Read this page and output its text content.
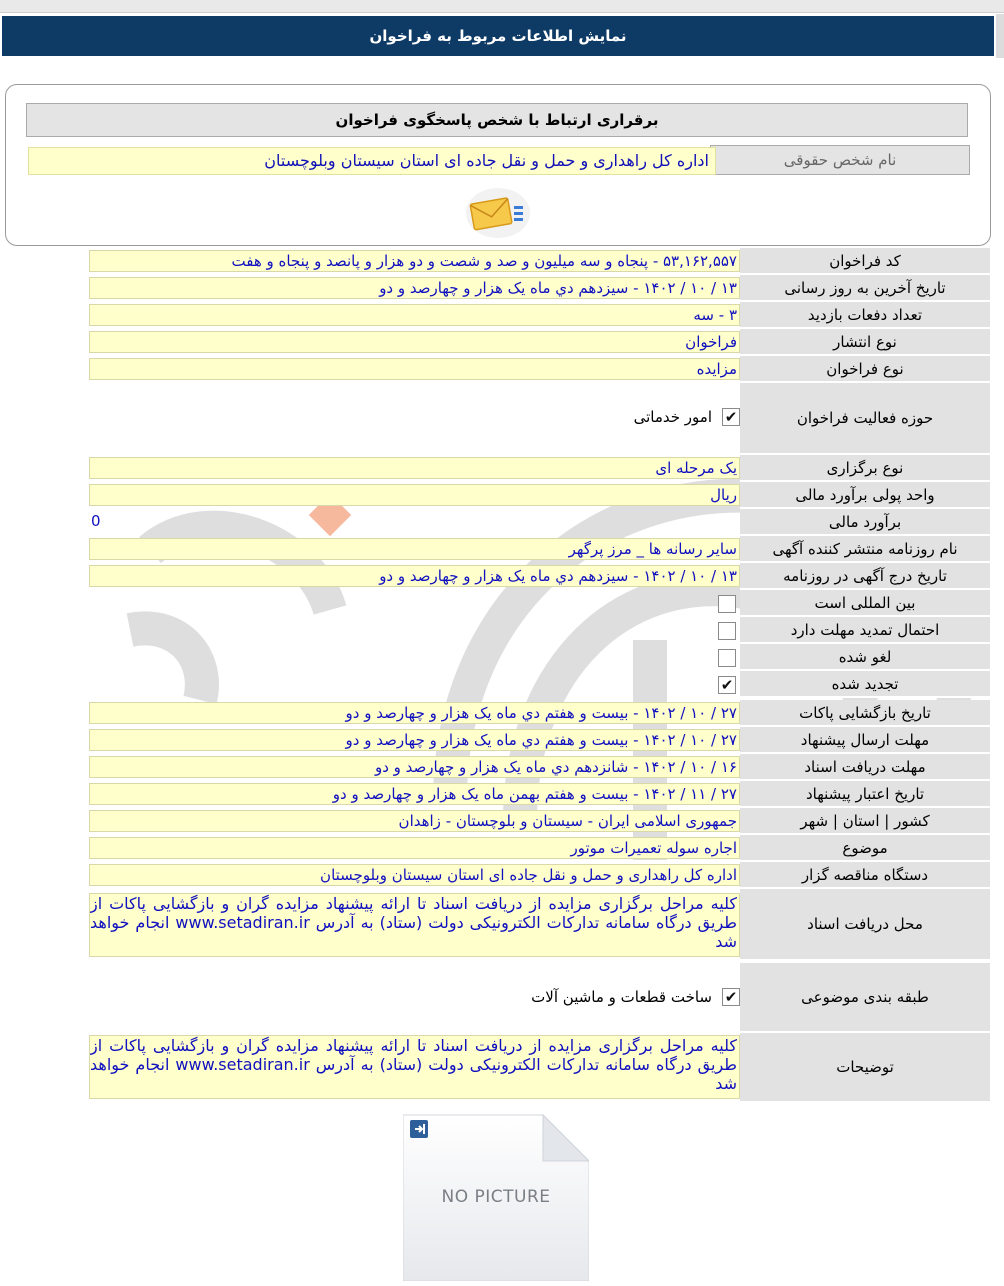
نمایش اطلاعات مربوط به فراخوان
برقراری ارتباط با شخص پاسخگوی فراخوان
نام شخص حقوقی
اداره کل راهداری و حمل و نقل جاده ای استان سیستان وبلوچستان
کد فراخوان
۵۳,۱۶۲,۵۵۷ - پنجاه و سه میلیون و صد و شصت و دو هزار و پانصد و پنجاه و هفت
تاریخ آخرین به روز رسانی
۱۳ / ۱۰ / ۱۴۰۲ - سیزدهم دي ماه یک هزار و چهارصد و دو
تعداد دفعات بازدید
۳ - سه
نوع انتشار
فراخوان
نوع فراخوان
مزایده
حوزه فعالیت فراخوان
✔
امور خدماتی
نوع برگزاری
یک مرحله ای
واحد پولی برآورد مالی
ریال
برآورد مالی
0
نام روزنامه منتشر کننده آگهی
سایر رسانه ها _ مرز پرگهر
تاریخ درج آگهی در روزنامه
۱۳ / ۱۰ / ۱۴۰۲ - سیزدهم دي ماه یک هزار و چهارصد و دو
بین المللی است
احتمال تمدید مهلت دارد
لغو شده
تجدید شده
✔
تاریخ بازگشایی پاکات
۲۷ / ۱۰ / ۱۴۰۲ - بیست و هفتم دي ماه یک هزار و چهارصد و دو
مهلت ارسال پیشنهاد
۲۷ / ۱۰ / ۱۴۰۲ - بیست و هفتم دي ماه یک هزار و چهارصد و دو
مهلت دریافت اسناد
۱۶ / ۱۰ / ۱۴۰۲ - شانزدهم دي ماه یک هزار و چهارصد و دو
تاریخ اعتبار پیشنهاد
۲۷ / ۱۱ / ۱۴۰۲ - بیست و هفتم بهمن ماه یک هزار و چهارصد و دو
کشور | استان | شهر
جمهوری اسلامی ایران - سیستان و بلوچستان - زاهدان
موضوع
اجاره سوله تعمیرات موتور
دستگاه مناقصه گزار
اداره کل راهداری و حمل و نقل جاده ای استان سیستان وبلوچستان
محل دریافت اسناد
کلیه مراحل برگزاری مزایده از دریافت اسناد تا ارائه پیشنهاد مزایده گران و بازگشایی پاکات از طریق درگاه سامانه تدارکات الکترونیکی دولت (ستاد) به آدرس www.setadiran.ir انجام خواهد شد
طبقه بندی موضوعی
✔
ساخت قطعات و ماشین آلات
توضیحات
کلیه مراحل برگزاری مزایده از دریافت اسناد تا ارائه پیشنهاد مزایده گران و بازگشایی پاکات از طریق درگاه سامانه تدارکات الکترونیکی دولت (ستاد) به آدرس www.setadiran.ir انجام خواهد شد
NO PICTURE
